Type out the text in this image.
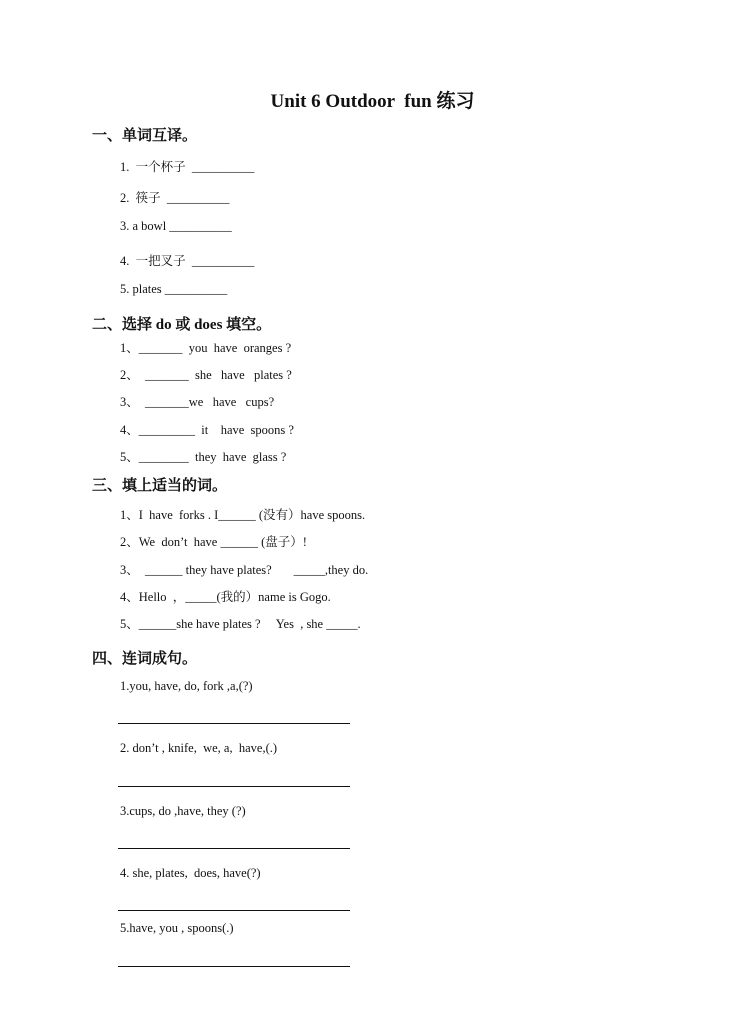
Unit 6 Outdoor  fun 练习
一、单词互译。
1.  一个杯子  __________
2.  筷子  __________
3. a bowl __________
4.  一把叉子  __________
5. plates __________
二、选择 do 或 does 填空。
1、_______  you  have  oranges ?
2、  _______  she   have   plates ?
3、  _______we   have   cups?
4、_________  it    have  spoons ?
5、________  they  have  glass ?
三、填上适当的词。
1、I  have  forks . I______ (没有）have spoons.
2、We  don’t  have ______ (盘子）!
3、  ______ they have plates?       _____,they do.
4、Hello  ，_____(我的）name is Gogo.
5、______she have plates ?     Yes  , she _____.
四、连词成句。
1.you, have, do, fork ,a,(?)
2. don’t , knife,  we, a,  have,(.)
3.cups, do ,have, they (?)
4. she, plates,  does, have(?)
5.have, you , spoons(.)
